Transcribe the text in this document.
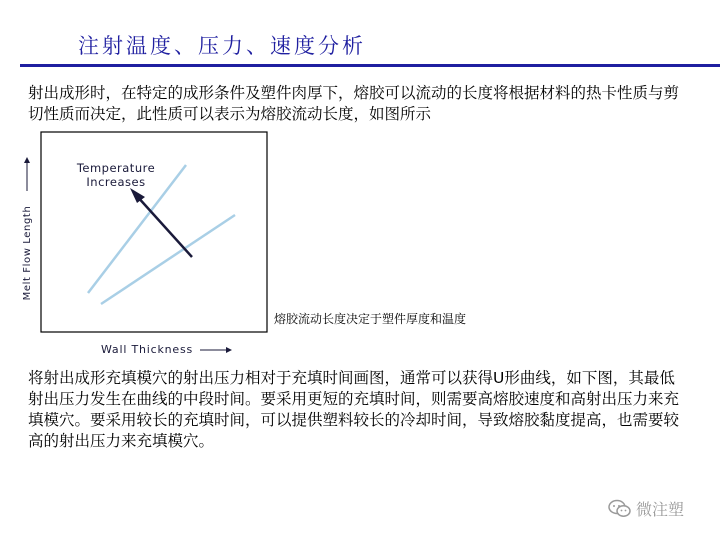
注射温度、压力、速度分析

射出成形时，在特定的成形条件及塑件肉厚下，熔胶可以流动的长度将根据材料的热卡性质与剪切性质而决定，此性质可以表示为熔胶流动长度，如图所示

Temperature
Increases
Wall Thickness
Melt Flow Length
熔胶流动长度决定于塑件厚度和温度

将射出成形充填模穴的射出压力相对于充填时间画图，通常可以获得U形曲线，如下图，其最低射出压力发生在曲线的中段时间。要采用更短的充填时间，则需要高熔胶速度和高射出压力来充填模穴。要采用较长的充填时间，可以提供塑料较长的冷却时间，导致熔胶黏度提高，也需要较高的射出压力来充填模穴。

微注塑
